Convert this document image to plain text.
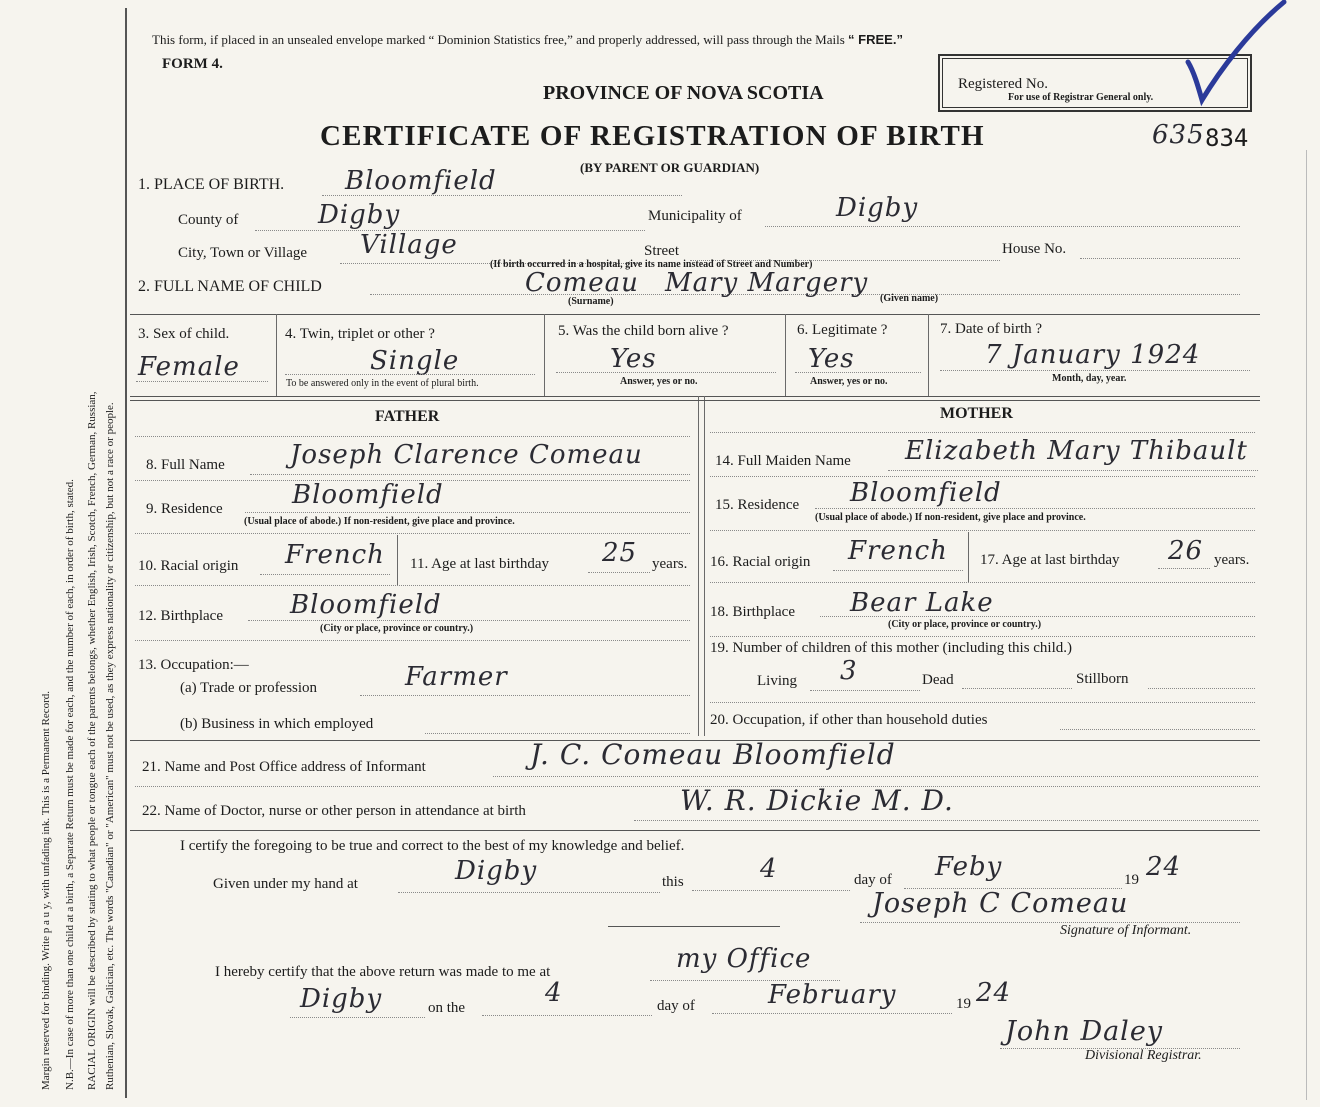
Margin reserved for binding. Write p a u y, with unfading ink. This is a Permanent Record. N.B.—In case of more than one child at a birth, a Separate Return must be made for each, and the number of each, in order of birth, stated. RACIAL ORIGIN will be described by stating to what people or tongue each of the parents belongs, whether English, Irish, Scotch, French, German, Russian, Ruthenian, Slovak, Galician, etc. The words "Canadian" or "American" must not be used, as they express nationality or citizenship, but not a race or people.
This form, if placed in an unsealed envelope marked “ Dominion Statistics free,” and properly addressed, will pass through the Mails “ FREE.”
FORM 4.
PROVINCE OF NOVA SCOTIA
CERTIFICATE OF REGISTRATION OF BIRTH
(BY PARENT OR GUARDIAN)
Registered No.
For use of Registrar General only.
635 834
1. PLACE OF BIRTH. Bloomfield
County of	Digby	Municipality of	Digby
City, Town or Village Village	Street	House No.
(If birth occurred in a hospital, give its name instead of Street and Number)
2. FULL NAME OF CHILD	Comeau Mary Margery
(Surname)	(Given name)
3. Sex of child.
Female
4. Twin, triplet or other ?
Single
To be answered only in the event of plural birth.
5. Was the child born alive ?
Yes
Answer, yes or no.
6. Legitimate ?
Yes
Answer, yes or no.
7. Date of birth ?
7 January 1924
Month, day, year.
FATHER	MOTHER
8. Full Name	Joseph Clarence Comeau	14. Full Maiden Name Elizabeth Mary Thibault
9. Residence	Bloomfield
(Usual place of abode.) If non-resident, give place and province.
15. Residence Bloomfield
(Usual place of abode.) If non-resident, give place and province.
10. Racial origin French 11. Age at last birthday 25 years. 16. Racial origin French 17. Age at last birthday 26 years.
12. Birthplace	Bloomfield
(City or place, province or country.)
18. Birthplace Bear Lake
(City or place, province or country.)
13. Occupation:—
(a) Trade or profession	Farmer
19. Number of children of this mother (including this child.)
Living 3	Dead	Stillborn
(b) Business in which employed	20. Occupation, if other than household duties
21. Name and Post Office address of Informant	J. C. Comeau Bloomfield
22. Name of Doctor, nurse or other person in attendance at birth	W. R. Dickie M. D.
I certify the foregoing to be true and correct to the best of my knowledge and belief.
Given under my hand at	Digby	this	4	day of Feby	19 24
Joseph C Comeau
Signature of Informant.
I hereby certify that the above return was made to me at	my Office
Digby	on the	4	day of	February	19 24
John Daley
Divisional Registrar.
